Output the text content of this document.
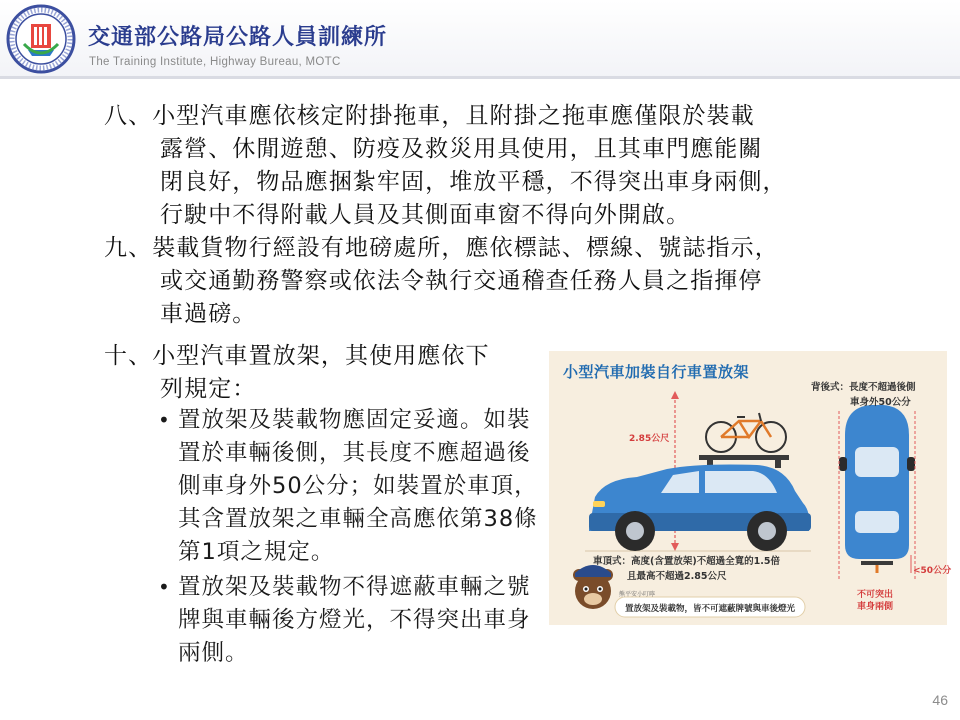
交通部公路局公路人員訓練所
The Training Institute, Highway Bureau, MOTC
八、小型汽車應依核定附掛拖車，且附掛之拖車應僅限於裝載
露營、休閒遊憩、防疫及救災用具使用，且其車門應能關
閉良好，物品應捆紮牢固，堆放平穩，不得突出車身兩側，
行駛中不得附載人員及其側面車窗不得向外開啟。
九、裝載貨物行經設有地磅處所，應依標誌、標線、號誌指示，
或交通勤務警察或依法令執行交通稽查任務人員之指揮停
車過磅。
十、小型汽車置放架，其使用應依下
列規定：
• 置放架及裝載物應固定妥適。如裝置於車輛後側，其長度不應超過後側車身外50公分；如裝置於車頂，其含置放架之車輛全高應依第38條第1項之規定。
• 置放架及裝載物不得遮蔽車輛之號牌與車輛後方燈光，不得突出車身兩側。
小型汽車加裝自行車置放架
背後式：長度不超過後側
車身外50公分
2.85公尺
車頂式：高度(含置放架)不超過全寬的1.5倍
且最高不超過2.85公尺	<50公分
不可突出
車身兩側
熊平安小叮嚀
置放架及裝載物，皆不可遮蔽牌號與車後燈光
46
